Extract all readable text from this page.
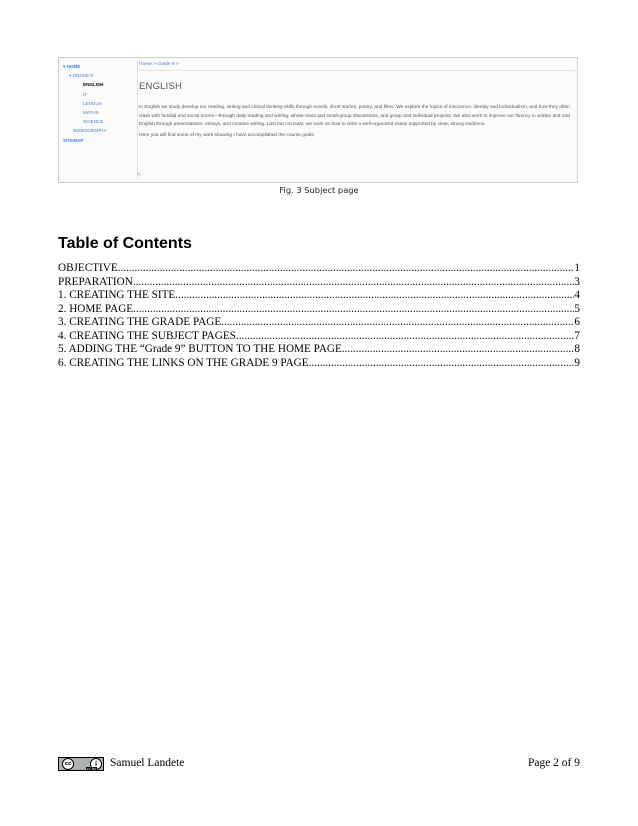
▾ HOME
▾ GRADE 9
ENGLISH
IT
LENGUA
MATHS
SCIENCE
WEBOGRAPHY
SITEMAP
Home > Grade 9 >
ENGLISH
In English we study develop our reading, writing and critical thinking skills through novels, short stories, poetry, and films. We explore the topics of innocence, identity and individualism, and how they often clash with familial and social norms—through daily reading and writing, whole-class and small-group discussions, and group and individual projects. We also work to improve our fluency in written and oral English through presentations, essays, and creative writing. Last but not least, we work on how to write a well-organized essay supported by clear, strong evidence.
Here you will find some of my work showing I have accomplished the course goals.
✎
Fig. 3 Subject page
Table of Contents
OBJECTIVE .....	1
PREPARATION .....	3
1. CREATING THE SITE .....	4
2. HOME PAGE .....	5
3. CREATING THE GRADE PAGE .....	6
4. CREATING THE SUBJECT PAGES .....	7
5. ADDING THE “Grade 9” BUTTON TO THE HOME PAGE .....	8
6. CREATING THE LINKS ON THE GRADE 9 PAGE .....	9
cc	i
cc by Samuel Landete	Page 2 of 9
